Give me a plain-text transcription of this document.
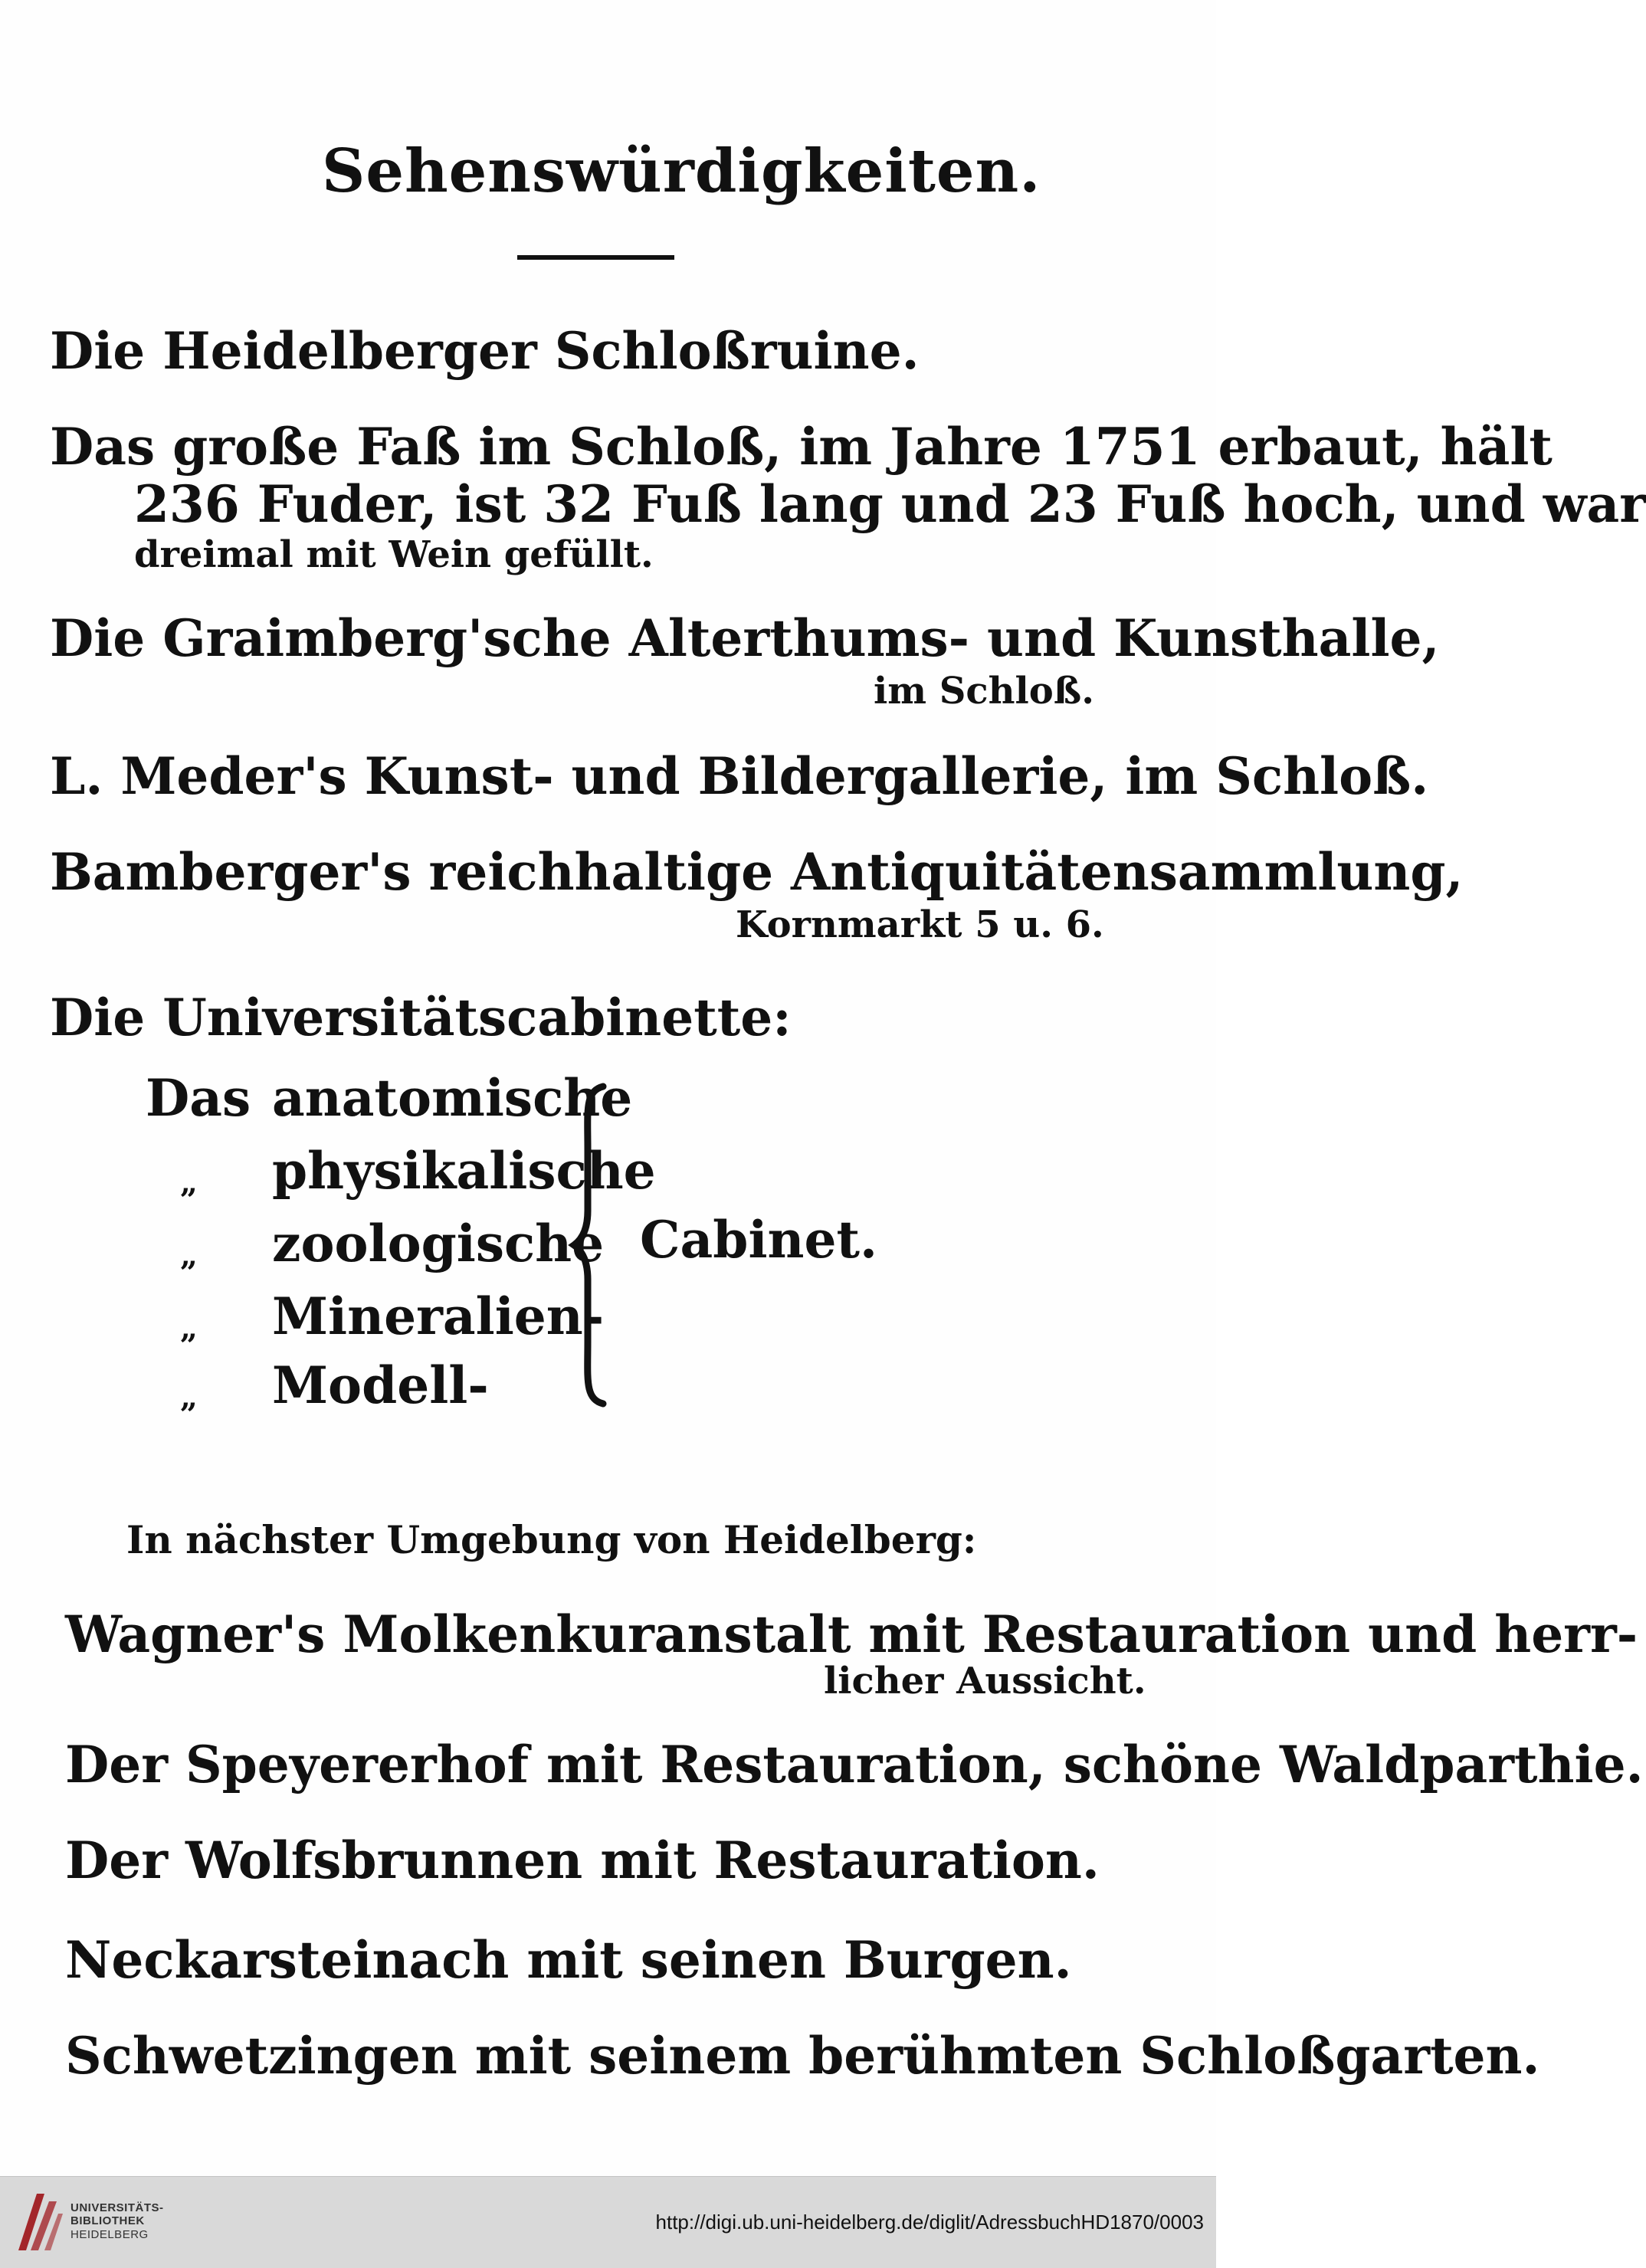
Sehenswürdigkeiten.
Die Heidelberger Schloßruine.
Das große Faß im Schloß, im Jahre 1751 erbaut, hält
236 Fuder, ist 32 Fuß lang und 23 Fuß hoch, und war
dreimal mit Wein gefüllt.
Die Graimberg'sche Alterthums- und Kunsthalle,
im Schloß.
L. Meder's Kunst- und Bildergallerie, im Schloß.
Bamberger's reichhaltige Antiquitätensammlung,
Kornmarkt 5 u. 6.
Die Universitätscabinette:
Das anatomische
physikalische
zoologische
Mineralien-
Modell-
„
„
„
„
Cabinet.
In nächster Umgebung von Heidelberg:
Wagner's Molkenkuranstalt mit Restauration und herr-
licher Aussicht.
Der Speyererhof mit Restauration, schöne Waldparthie.
Der Wolfsbrunnen mit Restauration.
Neckarsteinach mit seinen Burgen.
Schwetzingen mit seinem berühmten Schloßgarten.
UNIVERSITÄTS-
BIBLIOTHEK
HEIDELBERG
http://digi.ub.uni-heidelberg.de/diglit/AdressbuchHD1870/0003
